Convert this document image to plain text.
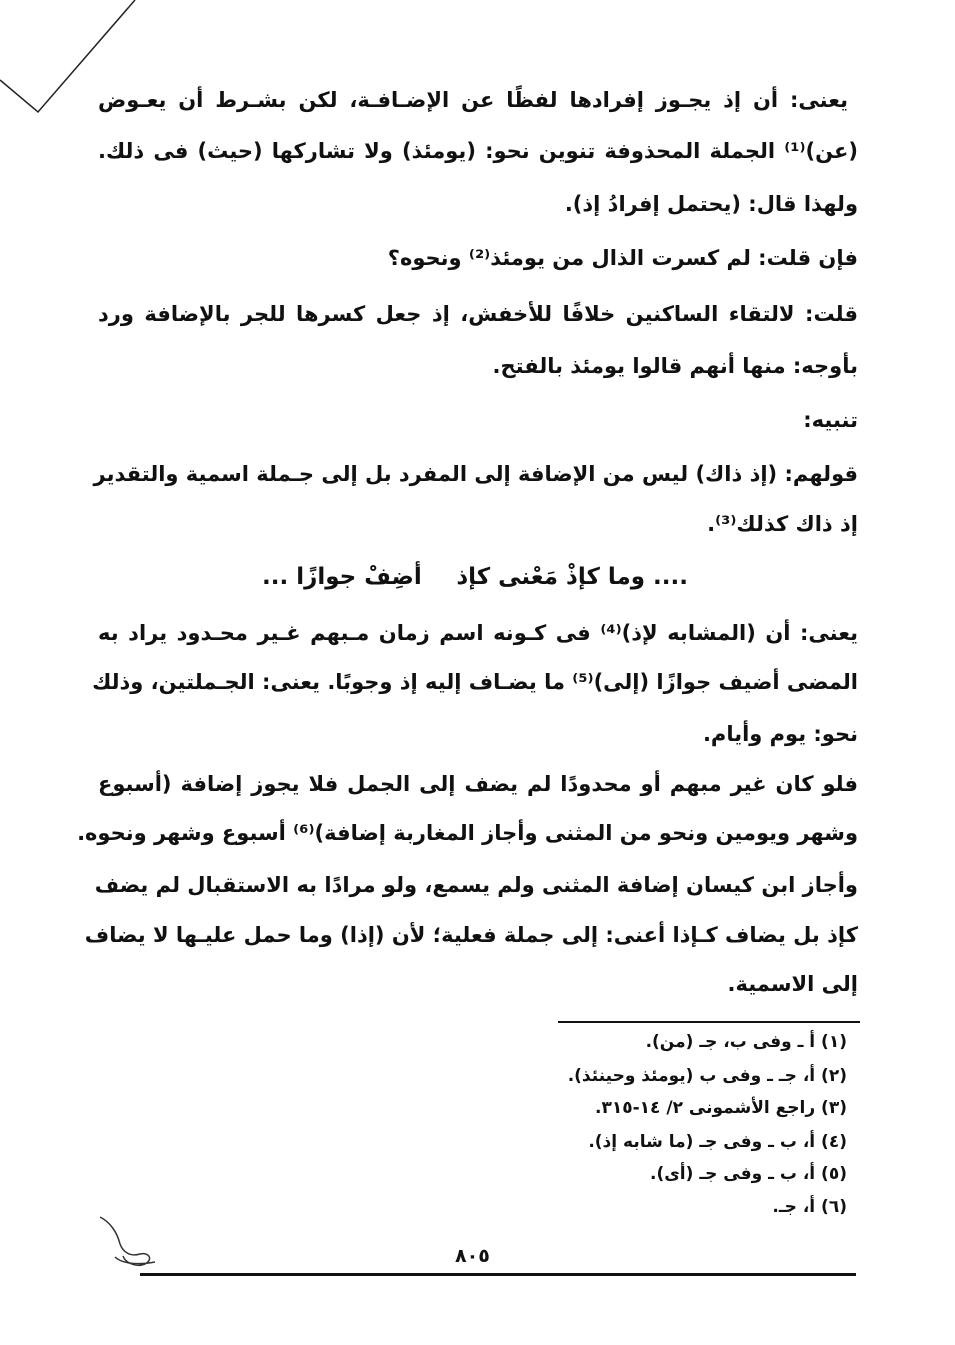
يعنى: أن إذ يجـوز إفرادها لفظًا عن الإضـافـة، لكن بشـرط أن يعـوض
(عن)⁽¹⁾ الجملة المحذوفة تنوين نحو: (يومئذ) ولا تشاركها (حيث) فى ذلك.
ولهذا قال: (يحتمل إفرادُ إذ).
فإن قلت: لم كسرت الذال من يومئذ⁽²⁾ ونحوه؟
قلت: لالتقاء الساكنين خلافًا للأخفش، إذ جعل كسرها للجر بالإضافة ورد
بأوجه: منها أنهم قالوا يومئذ بالفتح.
تنبيه:
قولهم: (إذ ذاك) ليس من الإضافة إلى المفرد بل إلى جـملة اسمية والتقدير
إذ ذاك كذلك⁽³⁾.
.... وما كإذْ مَعْنى كإذ
أضِفْ جوازًا ...
يعنى: أن (المشابه لإذ)⁽⁴⁾ فى كـونه اسم زمان مـبهم غـير محـدود يراد به
المضى أضيف جوازًا (إلى)⁽⁵⁾ ما يضـاف إليه إذ وجوبًا. يعنى: الجـملتين، وذلك
نحو: يوم وأيام.
فلو كان غير مبهم أو محدودًا لم يضف إلى الجمل فلا يجوز إضافة (أسبوع
وشهر ويومين ونحو من المثنى وأجاز المغاربة إضافة)⁽⁶⁾ أسبوع وشهر ونحوه.
وأجاز ابن كيسان إضافة المثنى ولم يسمع، ولو مرادًا به الاستقبال لم يضف
كإذ بل يضاف كـإذا أعنى: إلى جملة فعلية؛ لأن (إذا) وما حمل عليـها لا يضاف
إلى الاسمية.
(١) أ ـ وفى ب، جـ (من).
(٢) أ، جـ ـ وفى ب (يومئذ وحينئذ).
(٣) راجع الأشمونى ٢/ ١٤-٣١٥.
(٤) أ، ب ـ وفى جـ (ما شابه إذ).
(٥) أ، ب ـ وفى جـ (أى).
(٦) أ، جـ.
٨٠٥
